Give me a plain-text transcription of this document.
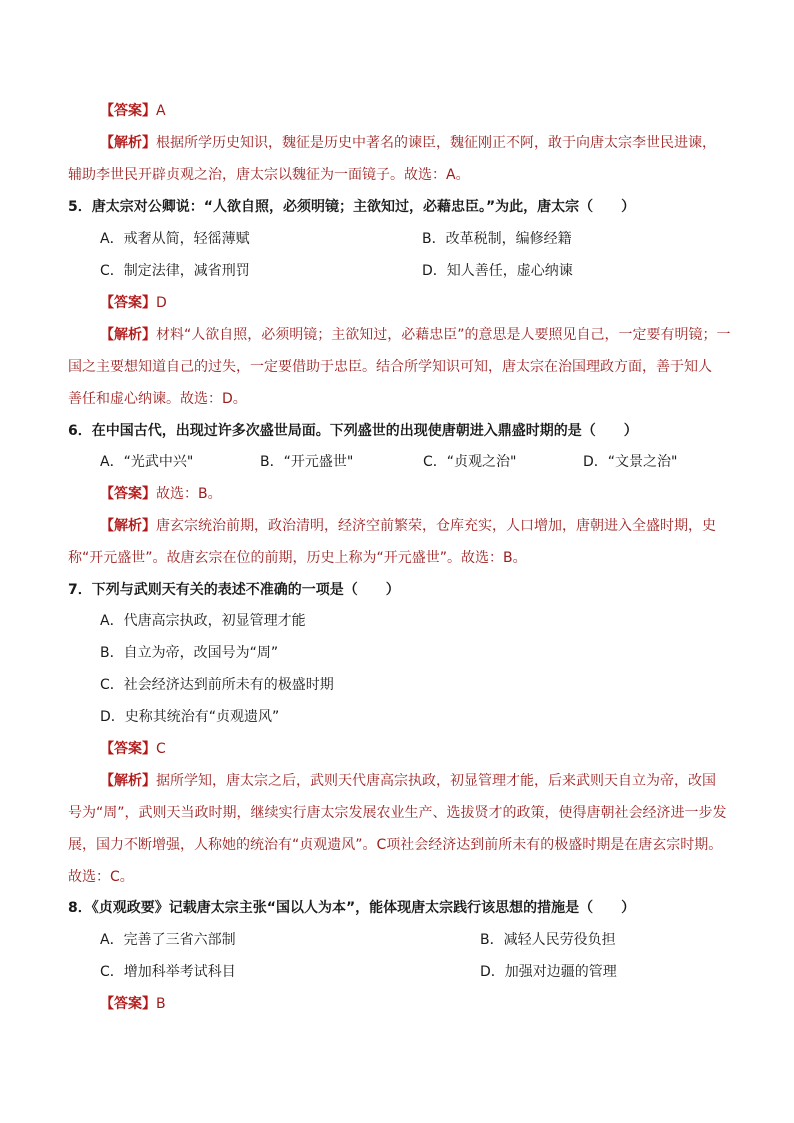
【答案】A
【解析】根据所学历史知识，魏征是历史中著名的谏臣，魏征刚正不阿，敢于向唐太宗李世民进谏，
辅助李世民开辟贞观之治，唐太宗以魏征为一面镜子。故选：A。
5．唐太宗对公卿说：“人欲自照，必须明镜；主欲知过，必藉忠臣。”为此，唐太宗（　　）
A．戒奢从简，轻徭薄赋	B．改革税制，编修经籍
C．制定法律，减省刑罚	D．知人善任，虚心纳谏
【答案】D
【解析】材料“人欲自照，必须明镜；主欲知过，必藉忠臣”的意思是人要照见自己，一定要有明镜；一
国之主要想知道自己的过失，一定要借助于忠臣。结合所学知识可知，唐太宗在治国理政方面，善于知人
善任和虚心纳谏。故选：D。
6．在中国古代，出现过许多次盛世局面。下列盛世的出现使唐朝进入鼎盛时期的是（　　）
A．“光武中兴"	B．“开元盛世"	C．“贞观之治"	D．“文景之治"
【答案】故选：B。
【解析】唐玄宗统治前期，政治清明，经济空前繁荣，仓库充实，人口增加，唐朝进入全盛时期，史
称“开元盛世”。故唐玄宗在位的前期，历史上称为“开元盛世”。故选：B。
7．下列与武则天有关的表述不准确的一项是（　　）
A．代唐高宗执政，初显管理才能
B．自立为帝，改国号为“周”
C．社会经济达到前所未有的极盛时期
D．史称其统治有“贞观遗风”
【答案】C
【解析】据所学知，唐太宗之后，武则天代唐高宗执政，初显管理才能，后来武则天自立为帝，改国
号为“周”，武则天当政时期，继续实行唐太宗发展农业生产、选拔贤才的政策，使得唐朝社会经济进一步发
展，国力不断增强，人称她的统治有“贞观遗风”。C项社会经济达到前所未有的极盛时期是在唐玄宗时期。
故选：C。
8．《贞观政要》记载唐太宗主张“国以人为本”，能体现唐太宗践行该思想的措施是（　　）
A．完善了三省六部制	B．减轻人民劳役负担
C．增加科举考试科目	D．加强对边疆的管理
【答案】B
